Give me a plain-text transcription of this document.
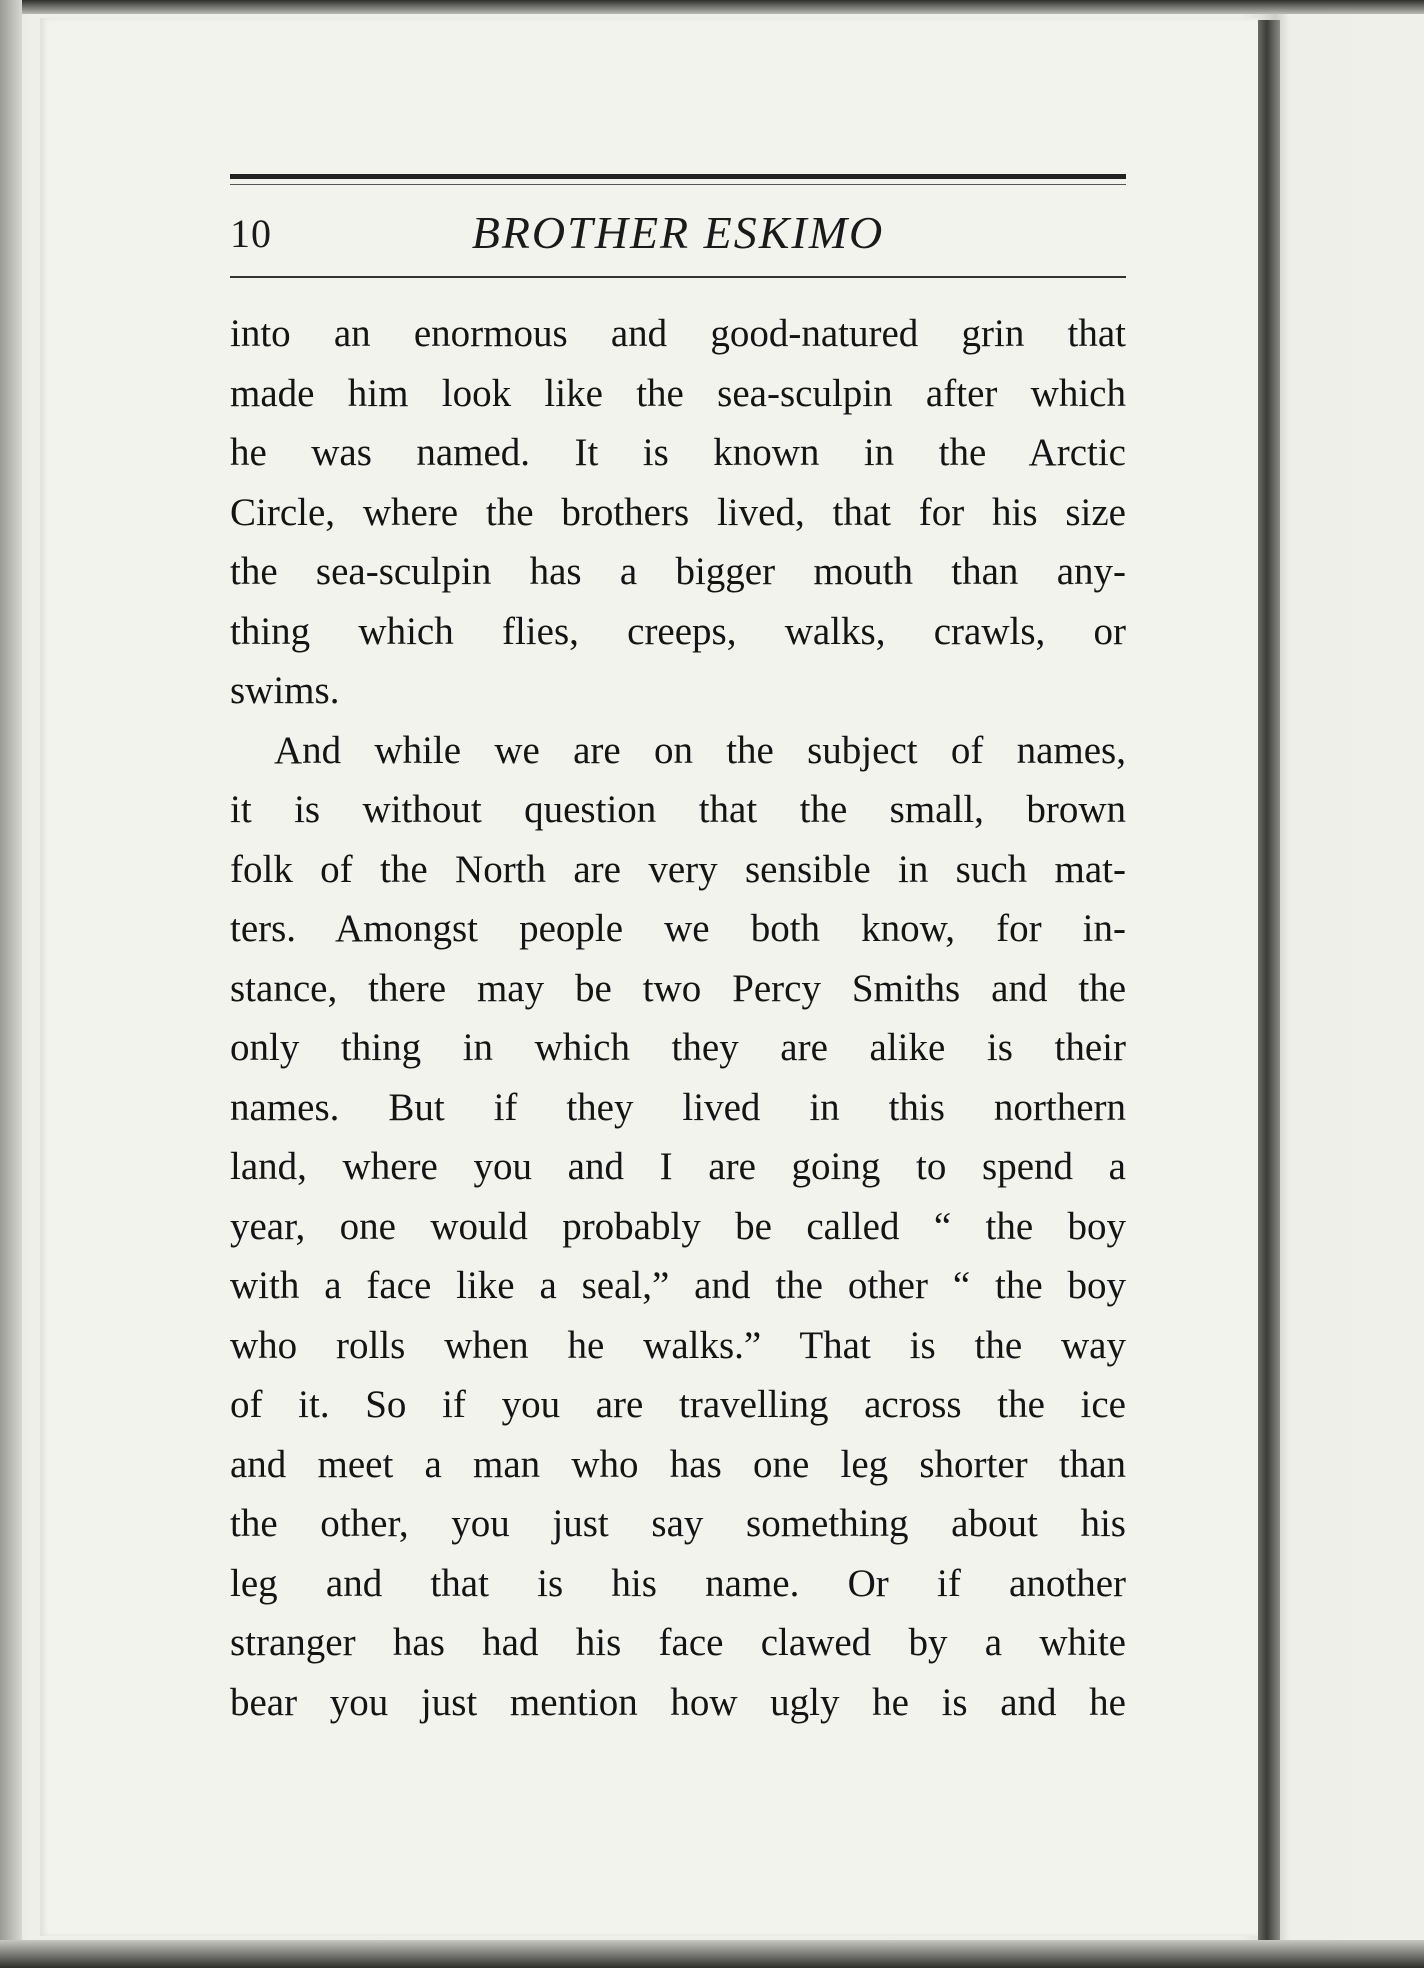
10	BROTHER ESKIMO
into an enormous and good-natured grin that
made him look like the sea-sculpin after which
he was named. It is known in the Arctic
Circle, where the brothers lived, that for his size
the sea-sculpin has a bigger mouth than any-
thing which flies, creeps, walks, crawls, or
swims.
And while we are on the subject of names,
it is without question that the small, brown
folk of the North are very sensible in such mat-
ters. Amongst people we both know, for in-
stance, there may be two Percy Smiths and the
only thing in which they are alike is their
names. But if they lived in this northern
land, where you and I are going to spend a
year, one would probably be called “ the boy
with a face like a seal,” and the other “ the boy
who rolls when he walks.” That is the way
of it. So if you are travelling across the ice
and meet a man who has one leg shorter than
the other, you just say something about his
leg and that is his name. Or if another
stranger has had his face clawed by a white
bear you just mention how ugly he is and he
